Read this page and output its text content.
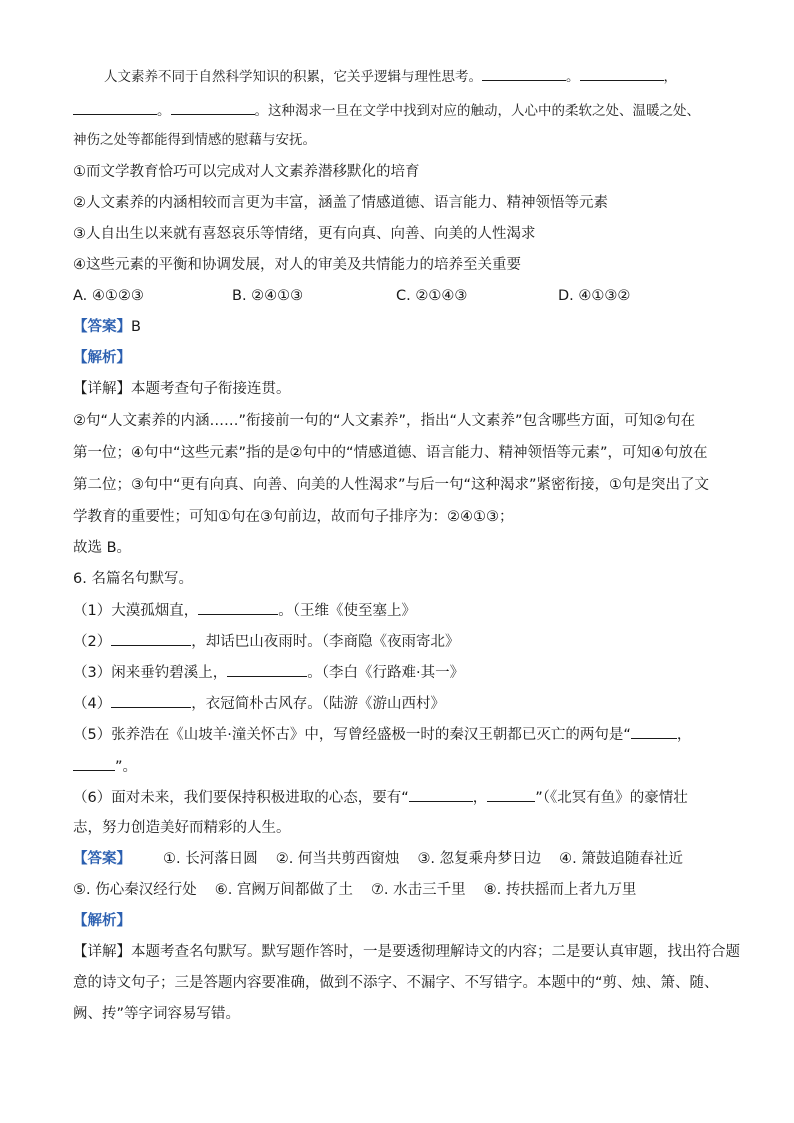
人文素养不同于自然科学知识的积累，它关乎逻辑与理性思考。	。	，
。	。这种渴求一旦在文学中找到对应的触动，人心中的柔软之处、温暖之处、
神伤之处等都能得到情感的慰藉与安抚。
①而文学教育恰巧可以完成对人文素养潜移默化的培育
②人文素养的内涵相较而言更为丰富，涵盖了情感道德、语言能力、精神领悟等元素
③人自出生以来就有喜怒哀乐等情绪，更有向真、向善、向美的人性渴求
④这些元素的平衡和协调发展，对人的审美及共情能力的培养至关重要
A. ④①②③	B. ②④①③	C. ②①④③	D. ④①③②
【答案】B
【解析】
【详解】本题考查句子衔接连贯。
②句“人文素养的内涵……”衔接前一句的“人文素养”，指出“人文素养”包含哪些方面，可知②句在
第一位；④句中“这些元素”指的是②句中的“情感道德、语言能力、精神领悟等元素”，可知④句放在
第二位；③句中“更有向真、向善、向美的人性渴求”与后一句“这种渴求”紧密衔接，①句是突出了文
学教育的重要性；可知①句在③句前边，故而句子排序为：②④①③；
故选 B。
6. 名篇名句默写。
（1）大漠孤烟直，	。（王维《使至塞上》
（2）	，却话巴山夜雨时。（李商隐《夜雨寄北》
（3）闲来垂钓碧溪上，	。（李白《行路难·其一》
（4）	，衣冠简朴古风存。（陆游《游山西村》
（5）张养浩在《山坡羊·潼关怀古》中，写曾经盛极一时的秦汉王朝都已灭亡的两句是“	，
”。
（6）面对未来，我们要保持积极进取的心态，要有“	，	”（《北冥有鱼》的豪情壮
志，努力创造美好而精彩的人生。
【答案】 ①. 长河落日圆 ②. 何当共剪西窗烛 ③. 忽复乘舟梦日边 ④. 箫鼓追随春社近
⑤. 伤心秦汉经行处 ⑥. 宫阙万间都做了土 ⑦. 水击三千里 ⑧. 抟扶摇而上者九万里
【解析】
【详解】本题考查名句默写。默写题作答时，一是要透彻理解诗文的内容；二是要认真审题，找出符合题
意的诗文句子；三是答题内容要准确，做到不添字、不漏字、不写错字。本题中的“剪、烛、箫、随、
阙、抟”等字词容易写错。
